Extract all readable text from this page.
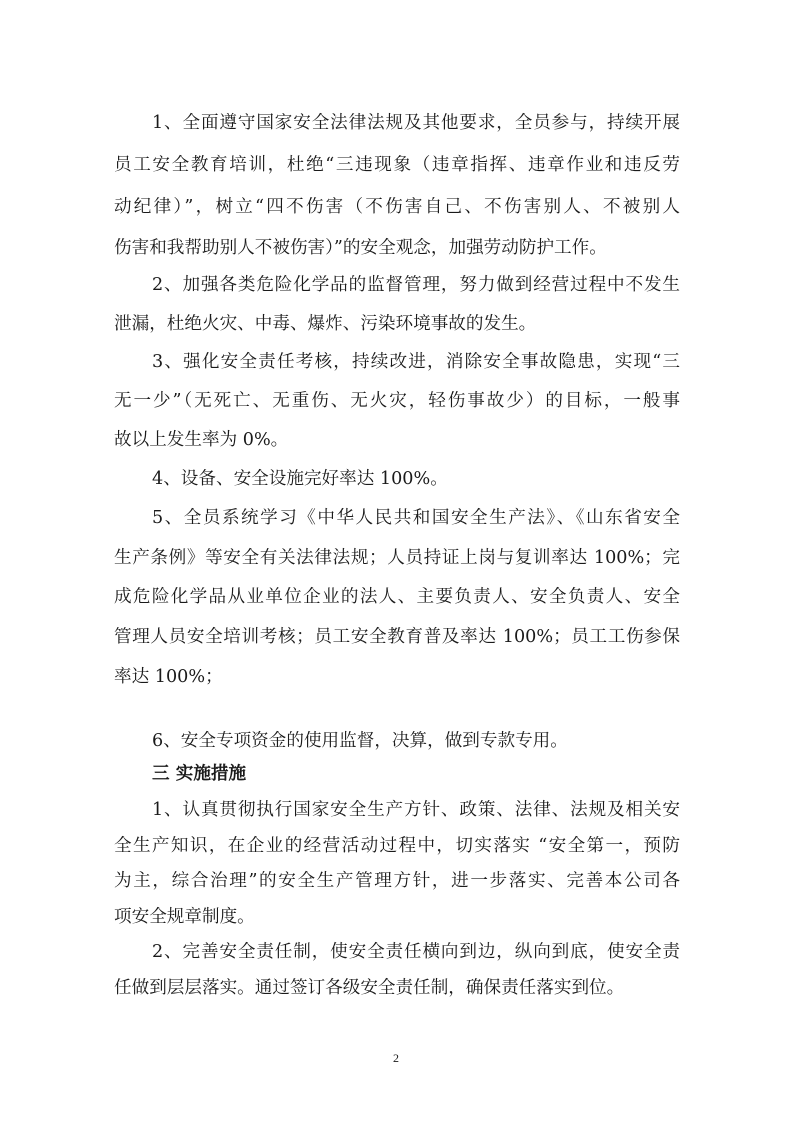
1、全面遵守国家安全法律法规及其他要求，全员参与，持续开展
员工安全教育培训，杜绝“三违现象（违章指挥、违章作业和违反劳
动纪律）”，树立“四不伤害（不伤害自己、不伤害别人、不被别人
伤害和我帮助别人不被伤害）”的安全观念，加强劳动防护工作。
2、加强各类危险化学品的监督管理，努力做到经营过程中不发生
泄漏，杜绝火灾、中毒、爆炸、污染环境事故的发生。
3、强化安全责任考核，持续改进，消除安全事故隐患，实现“三
无一少”（无死亡、无重伤、无火灾，轻伤事故少）的目标，一般事
故以上发生率为 0%。
4、设备、安全设施完好率达 100%。
5、全员系统学习《中华人民共和国安全生产法》、《山东省安全
生产条例》等安全有关法律法规；人员持证上岗与复训率达 100%；完
成危险化学品从业单位企业的法人、主要负责人、安全负责人、安全
管理人员安全培训考核；员工安全教育普及率达 100%；员工工伤参保
率达 100%；
6、安全专项资金的使用监督，决算，做到专款专用。
三 实施措施
1、认真贯彻执行国家安全生产方针、政策、法律、法规及相关安
全生产知识，在企业的经营活动过程中，切实落实 “安全第一，预防
为主，综合治理”的安全生产管理方针，进一步落实、完善本公司各
项安全规章制度。
2、完善安全责任制，使安全责任横向到边，纵向到底，使安全责
任做到层层落实。通过签订各级安全责任制，确保责任落实到位。
2
